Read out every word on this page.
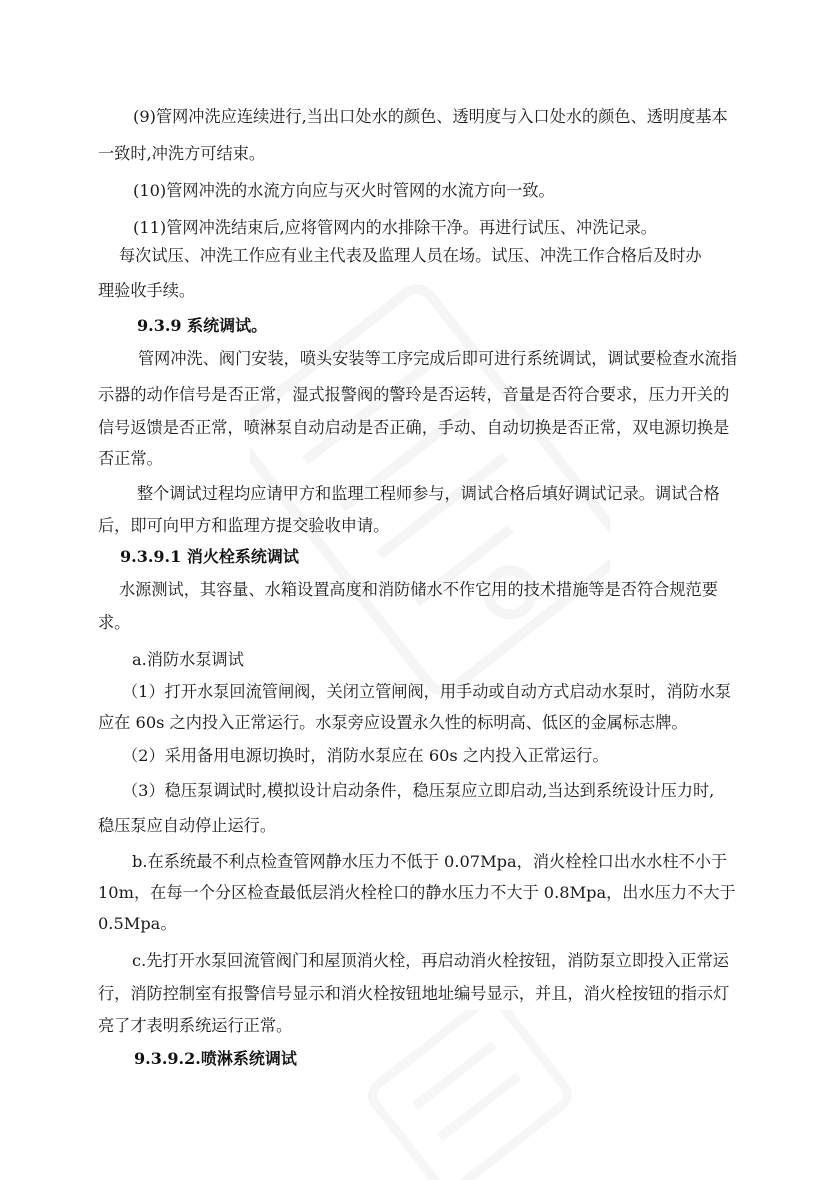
(9)管网冲洗应连续进行,当出口处水的颜色、透明度与入口处水的颜色、透明度基本
一致时,冲洗方可结束。
(10)管网冲洗的水流方向应与灭火时管网的水流方向一致。
(11)管网冲洗结束后,应将管网内的水排除干净。再进行试压、冲洗记录。
每次试压、冲洗工作应有业主代表及监理人员在场。试压、冲洗工作合格后及时办
理验收手续。
9.3.9 系统调试。
管网冲洗、阀门安装，喷头安装等工序完成后即可进行系统调试，调试要检查水流指
示器的动作信号是否正常，湿式报警阀的警玲是否运转，音量是否符合要求，压力开关的
信号返馈是否正常，喷淋泵自动启动是否正确，手动、自动切换是否正常，双电源切换是
否正常。
整个调试过程均应请甲方和监理工程师参与，调试合格后填好调试记录。调试合格
后，即可向甲方和监理方提交验收申请。
9.3.9.1 消火栓系统调试
水源测试，其容量、水箱设置高度和消防储水不作它用的技术措施等是否符合规范要
求。
a.消防水泵调试
（1）打开水泵回流管闸阀，关闭立管闸阀，用手动或自动方式启动水泵时，消防水泵
应在 60s 之内投入正常运行。水泵旁应设置永久性的标明高、低区的金属标志牌。
（2）采用备用电源切换时，消防水泵应在 60s 之内投入正常运行。
（3）稳压泵调试时,模拟设计启动条件，稳压泵应立即启动,当达到系统设计压力时,
稳压泵应自动停止运行。
b.在系统最不利点检查管网静水压力不低于 0.07Mpa，消火栓栓口出水水柱不小于
10m，在每一个分区检查最低层消火栓栓口的静水压力不大于 0.8Mpa，出水压力不大于
0.5Mpa。
c.先打开水泵回流管阀门和屋顶消火栓，再启动消火栓按钮，消防泵立即投入正常运
行，消防控制室有报警信号显示和消火栓按钮地址编号显示，并且，消火栓按钮的指示灯
亮了才表明系统运行正常。
9.3.9.2.喷淋系统调试
